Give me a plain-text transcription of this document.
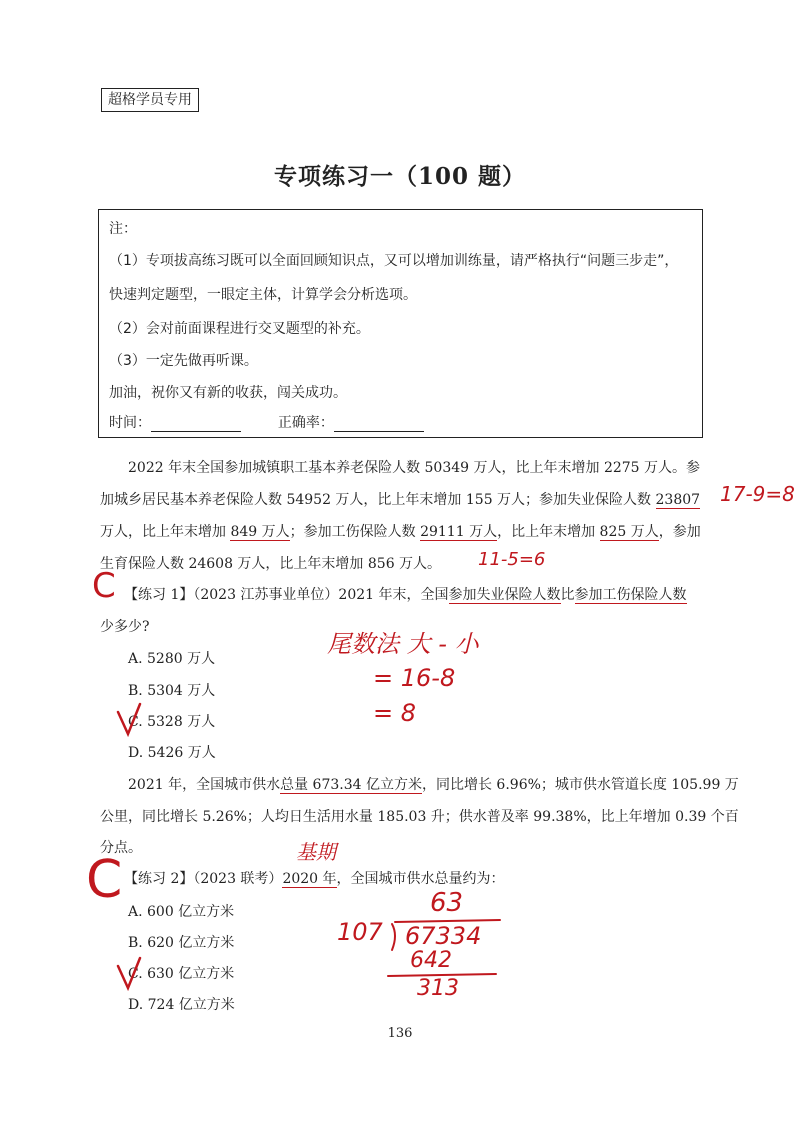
超格学员专用
专项练习一（100 题）
注：
（1）专项拔高练习既可以全面回顾知识点，又可以增加训练量，请严格执行“问题三步走”，
快速判定题型，一眼定主体，计算学会分析选项。
（2）会对前面课程进行交叉题型的补充。
（3）一定先做再听课。
加油，祝你又有新的收获，闯关成功。
时间：	正确率：
2022 年末全国参加城镇职工基本养老保险人数 50349 万人，比上年末增加 2275 万人。参
加城乡居民基本养老保险人数 54952 万人，比上年末增加 155 万人；参加失业保险人数 23807
万人，比上年末增加 849 万人；参加工伤保险人数 29111 万人，比上年末增加 825 万人，参加
生育保险人数 24608 万人，比上年末增加 856 万人。
【练习 1】（2023 江苏事业单位）2021 年末，全国参加失业保险人数比参加工伤保险人数
少多少?
A. 5280 万人
B. 5304 万人
C. 5328 万人
D. 5426 万人
2021 年，全国城市供水总量 673.34 亿立方米，同比增长 6.96%；城市供水管道长度 105.99 万
公里，同比增长 5.26%；人均日生活用水量 185.03 升；供水普及率 99.38%，比上年增加 0.39 个百
分点。
【练习 2】（2023 联考）2020 年，全国城市供水总量约为：
A. 600 亿立方米
B. 620 亿立方米
C. 630 亿立方米
D. 724 亿立方米
136
17-9=8
11-5=6
C
尾数法 大 - 小
= 16-8
= 8
基期
C	63
107 67334
642
313
